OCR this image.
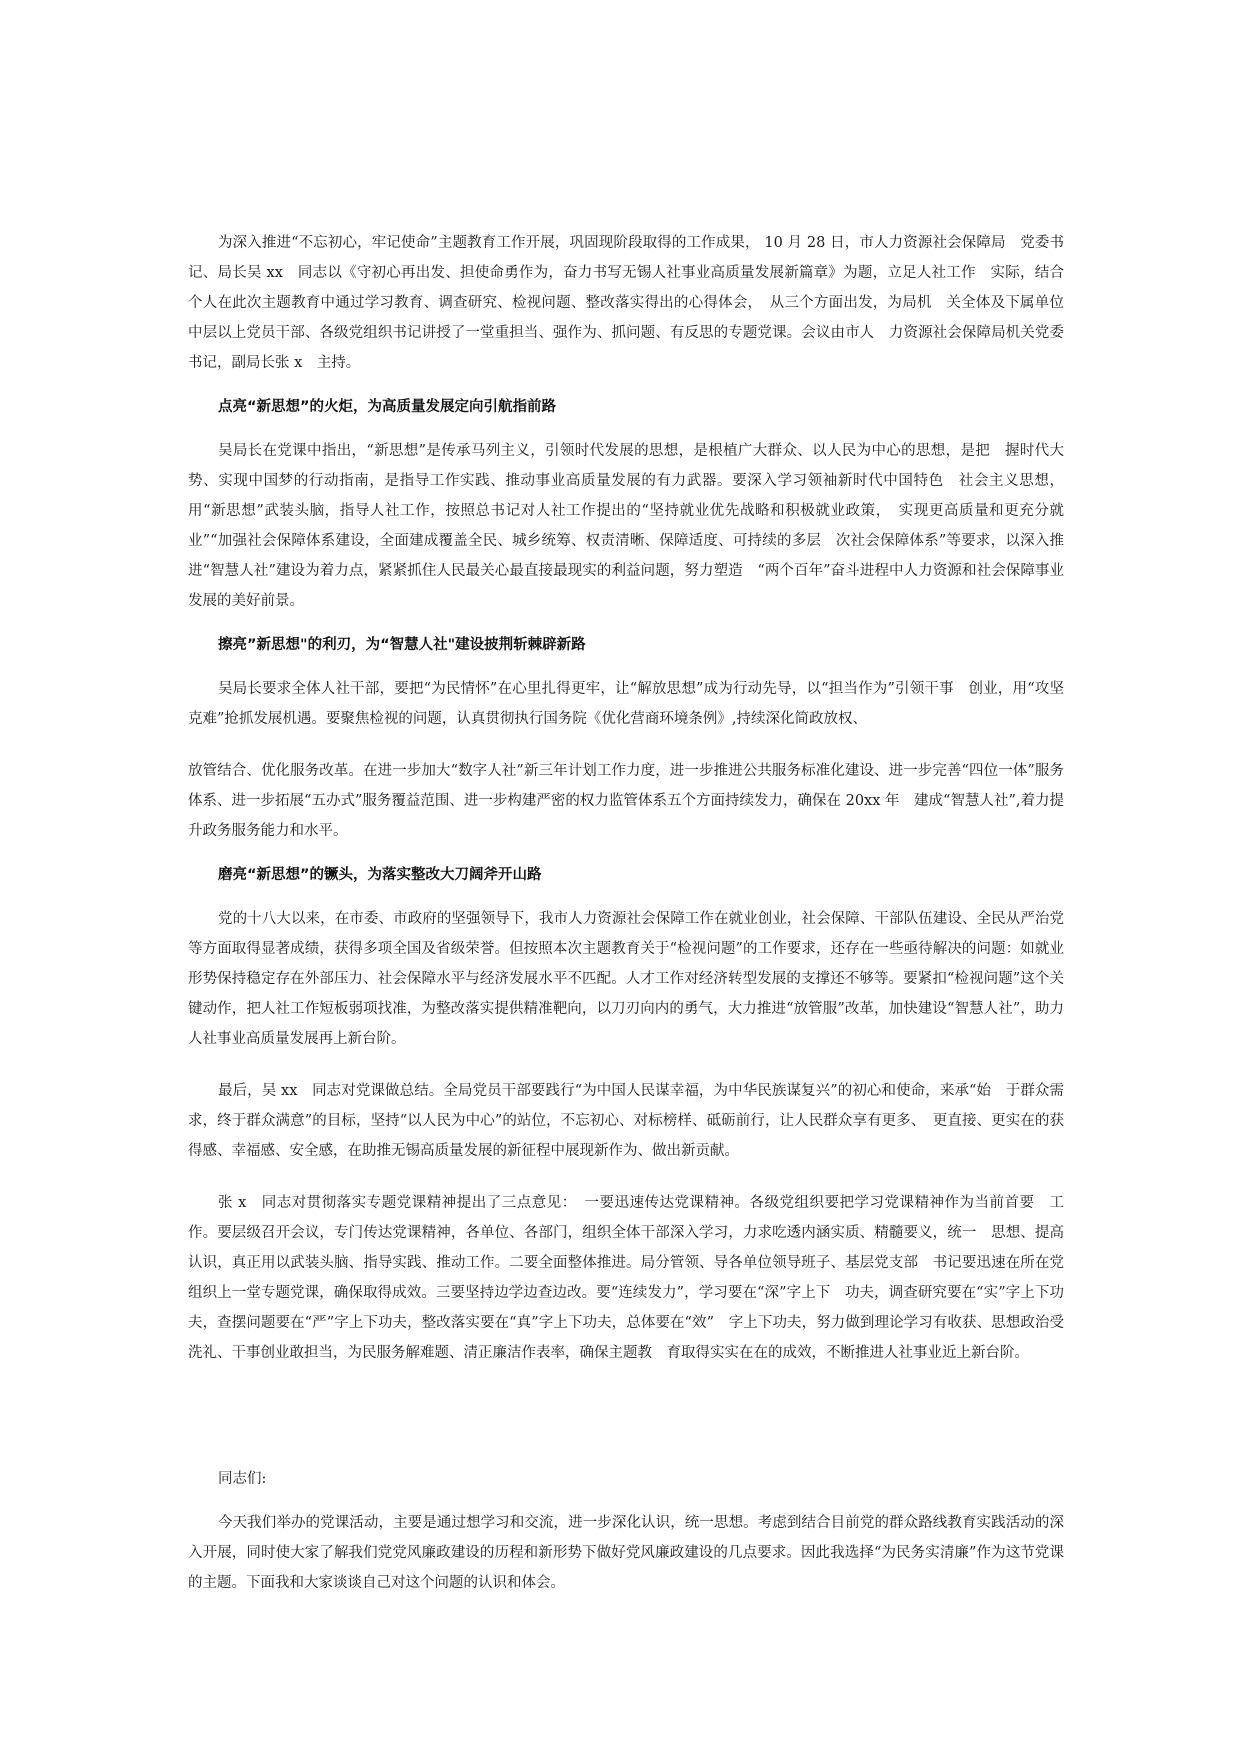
为深入推进“不忘初心，牢记使命”主题教育工作开展，巩固现阶段取得的工作成果， 10 月 28 日，市人力资源社会保障局　党委书记、局长吴 xx　同志以《守初心再出发、担使命勇作为，奋力书写无锡人社事业高质量发展新篇章》为题，立足人社工作　实际，结合个人在此次主题教育中通过学习教育、调查研究、检视问题、整改落实得出的心得体会，　从三个方面出发，为局机　关全体及下属单位中层以上党员干部、各级党组织书记讲授了一堂重担当、强作为、抓问题、有反思的专题党课。会议由市人　力资源社会保障局机关党委书记，副局长张 x　主持。

点亮“新思想”的火炬，为高质量发展定向引航指前路

吴局长在党课中指出，“新思想”是传承马列主义，引领时代发展的思想，是根植广大群众、以人民为中心的思想，是把　握时代大势、实现中国梦的行动指南，是指导工作实践、推动事业高质量发展的有力武器。要深入学习领袖新时代中国特色　社会主义思想，用“新思想”武装头脑，指导人社工作，按照总书记对人社工作提出的“坚持就业优先战略和积极就业政策，　实现更高质量和更充分就业”“加强社会保障体系建设，全面建成覆盖全民、城乡统筹、权责清晰、保障适度、可持续的多层　次社会保障体系”等要求，以深入推进“智慧人社”建设为着力点，紧紧抓住人民最关心最直接最现实的利益问题，努力塑造　“两个百年”奋斗进程中人力资源和社会保障事业发展的美好前景。

擦亮”新思想"的利刃，为“智慧人社"建设披荆斩棘辟新路

吴局长要求全体人社干部，要把“为民情怀”在心里扎得更牢，让“解放思想”成为行动先导，以“担当作为”引领干事　创业，用“攻坚克难”抢抓发展机遇。要聚焦检视的问题，认真贯彻执行国务院《优化营商环境条例》,持续深化简政放权、

放管结合、优化服务改革。在进一步加大“数字人社”新三年计划工作力度，进一步推进公共服务标准化建设、进一步完善“四位一体”服务体系、进一步拓展“五办式”服务覆益范围、进一步构建严密的权力监管体系五个方面持续发力，确保在 20xx 年　建成“智慧人社”,着力提升政务服务能力和水平。

磨亮“新思想”的镢头，为落实整改大刀阔斧开山路

党的十八大以来，在市委、市政府的坚强领导下，我市人力资源社会保障工作在就业创业，社会保障、干部队伍建设、全民从严治党等方面取得显著成绩，获得多项全国及省级荣誉。但按照本次主题教育关于“检视问题”的工作要求，还存在一些亟待解决的问题：如就业形势保持稳定存在外部压力、社会保障水平与经济发展水平不匹配。人才工作对经济转型发展的支撑还不够等。要紧扣“检视问题”这个关键动作，把人社工作短板弱项找准，为整改落实提供精准靶向，以刀刃向内的勇气，大力推进“放管服”改革，加快建设“智慧人社”，助力人社事业高质量发展再上新台阶。

最后，吴 xx　同志对党课做总结。全局党员干部要践行“为中国人民谋幸福，为中华民族谋复兴”的初心和使命，来承“始　于群众需求，终于群众满意”的目标，坚持“以人民为中心”的站位，不忘初心、对标榜样、砥砺前行，让人民群众享有更多、　更直接、更实在的获得感、幸福感、安全感，在助推无锡高质量发展的新征程中展现新作为、做出新贡献。

张 x　同志对贯彻落实专题党课精神提出了三点意见：　一要迅速传达党课精神。各级党组织要把学习党课精神作为当前首要　工作。要层级召开会议，专门传达党课精神，各单位、各部门，组织全体干部深入学习，力求吃透内涵实质、精髓要义，统一　思想、提高认识，真正用以武装头脑、指导实践、推动工作。二要全面整体推进。局分管领、导各单位领导班子、基层党支部　书记要迅速在所在党组织上一堂专题党课，确保取得成效。三要坚持边学边查边改。要“连续发力”，学习要在“深”字上下　功夫，调查研究要在“实”字上下功夫，查摆问题要在“严”字上下功夫，整改落实要在“真”字上下功夫，总体要在“效”　字上下功夫，努力做到理论学习有收获、思想政治受洗礼、干事创业敢担当，为民服务解难题、清正廉洁作表率，确保主题教　育取得实实在在的成效，不断推进人社事业近上新台阶。

同志们:

今天我们举办的党课活动，主要是通过想学习和交流，进一步深化认识，统一思想。考虑到结合目前党的群众路线教育实践活动的深入开展，同时使大家了解我们党党风廉政建设的历程和新形势下做好党风廉政建设的几点要求。因此我选择“为民务实清廉”作为这节党课的主题。下面我和大家谈谈自己对这个问题的认识和体会。
